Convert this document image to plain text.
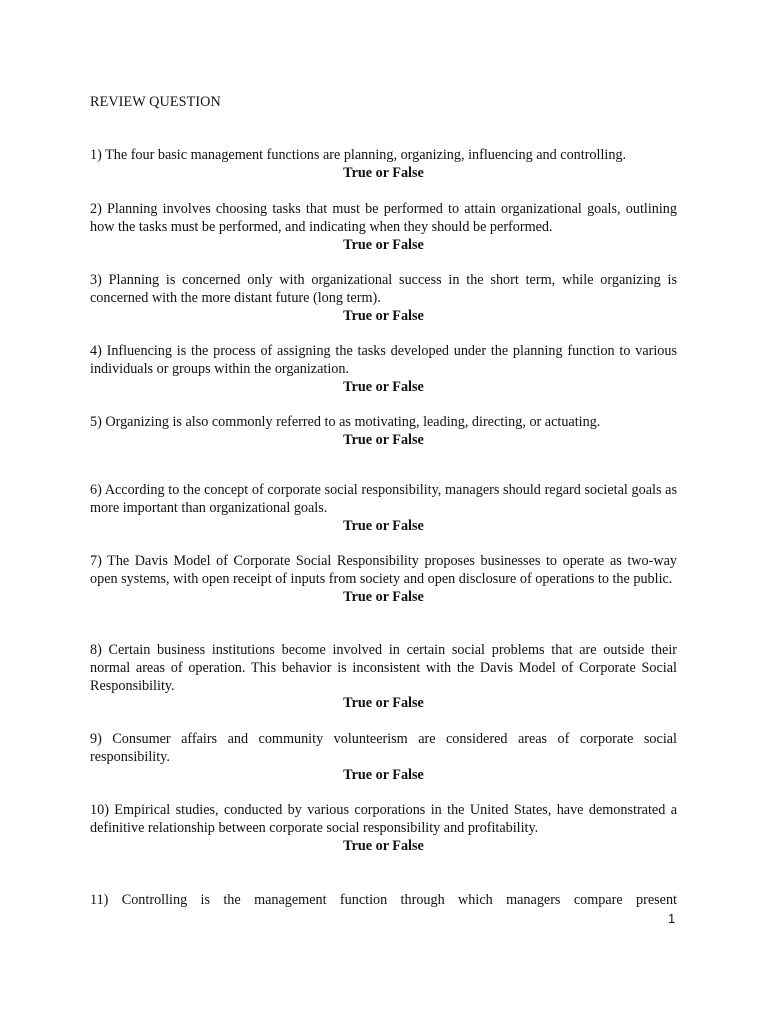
REVIEW QUESTION

1) The four basic management functions are planning, organizing, influencing and controlling.

True or False

2) Planning involves choosing tasks that must be performed to attain organizational goals, outlining how the tasks must be performed, and indicating when they should be performed.

True or False

3) Planning is concerned only with organizational success in the short term, while organizing is concerned with the more distant future (long term).

True or False

4) Influencing is the process of assigning the tasks developed under the planning function to various individuals or groups within the organization.

True or False

5) Organizing is also commonly referred to as motivating, leading, directing, or actuating.

True or False

6) According to the concept of corporate social responsibility, managers should regard societal goals as more important than organizational goals.

True or False

7) The Davis Model of Corporate Social Responsibility proposes businesses to operate as two-way open systems, with open receipt of inputs from society and open disclosure of operations to the public.

True or False

8) Certain business institutions become involved in certain social problems that are outside their normal areas of operation. This behavior is inconsistent with the Davis Model of Corporate Social Responsibility.

True or False

9) Consumer affairs and community volunteerism are considered areas of corporate social responsibility.

True or False

10) Empirical studies, conducted by various corporations in the United States, have demonstrated a definitive relationship between corporate social responsibility and profitability.

True or False

11) Controlling is the management function through which managers compare present

1
